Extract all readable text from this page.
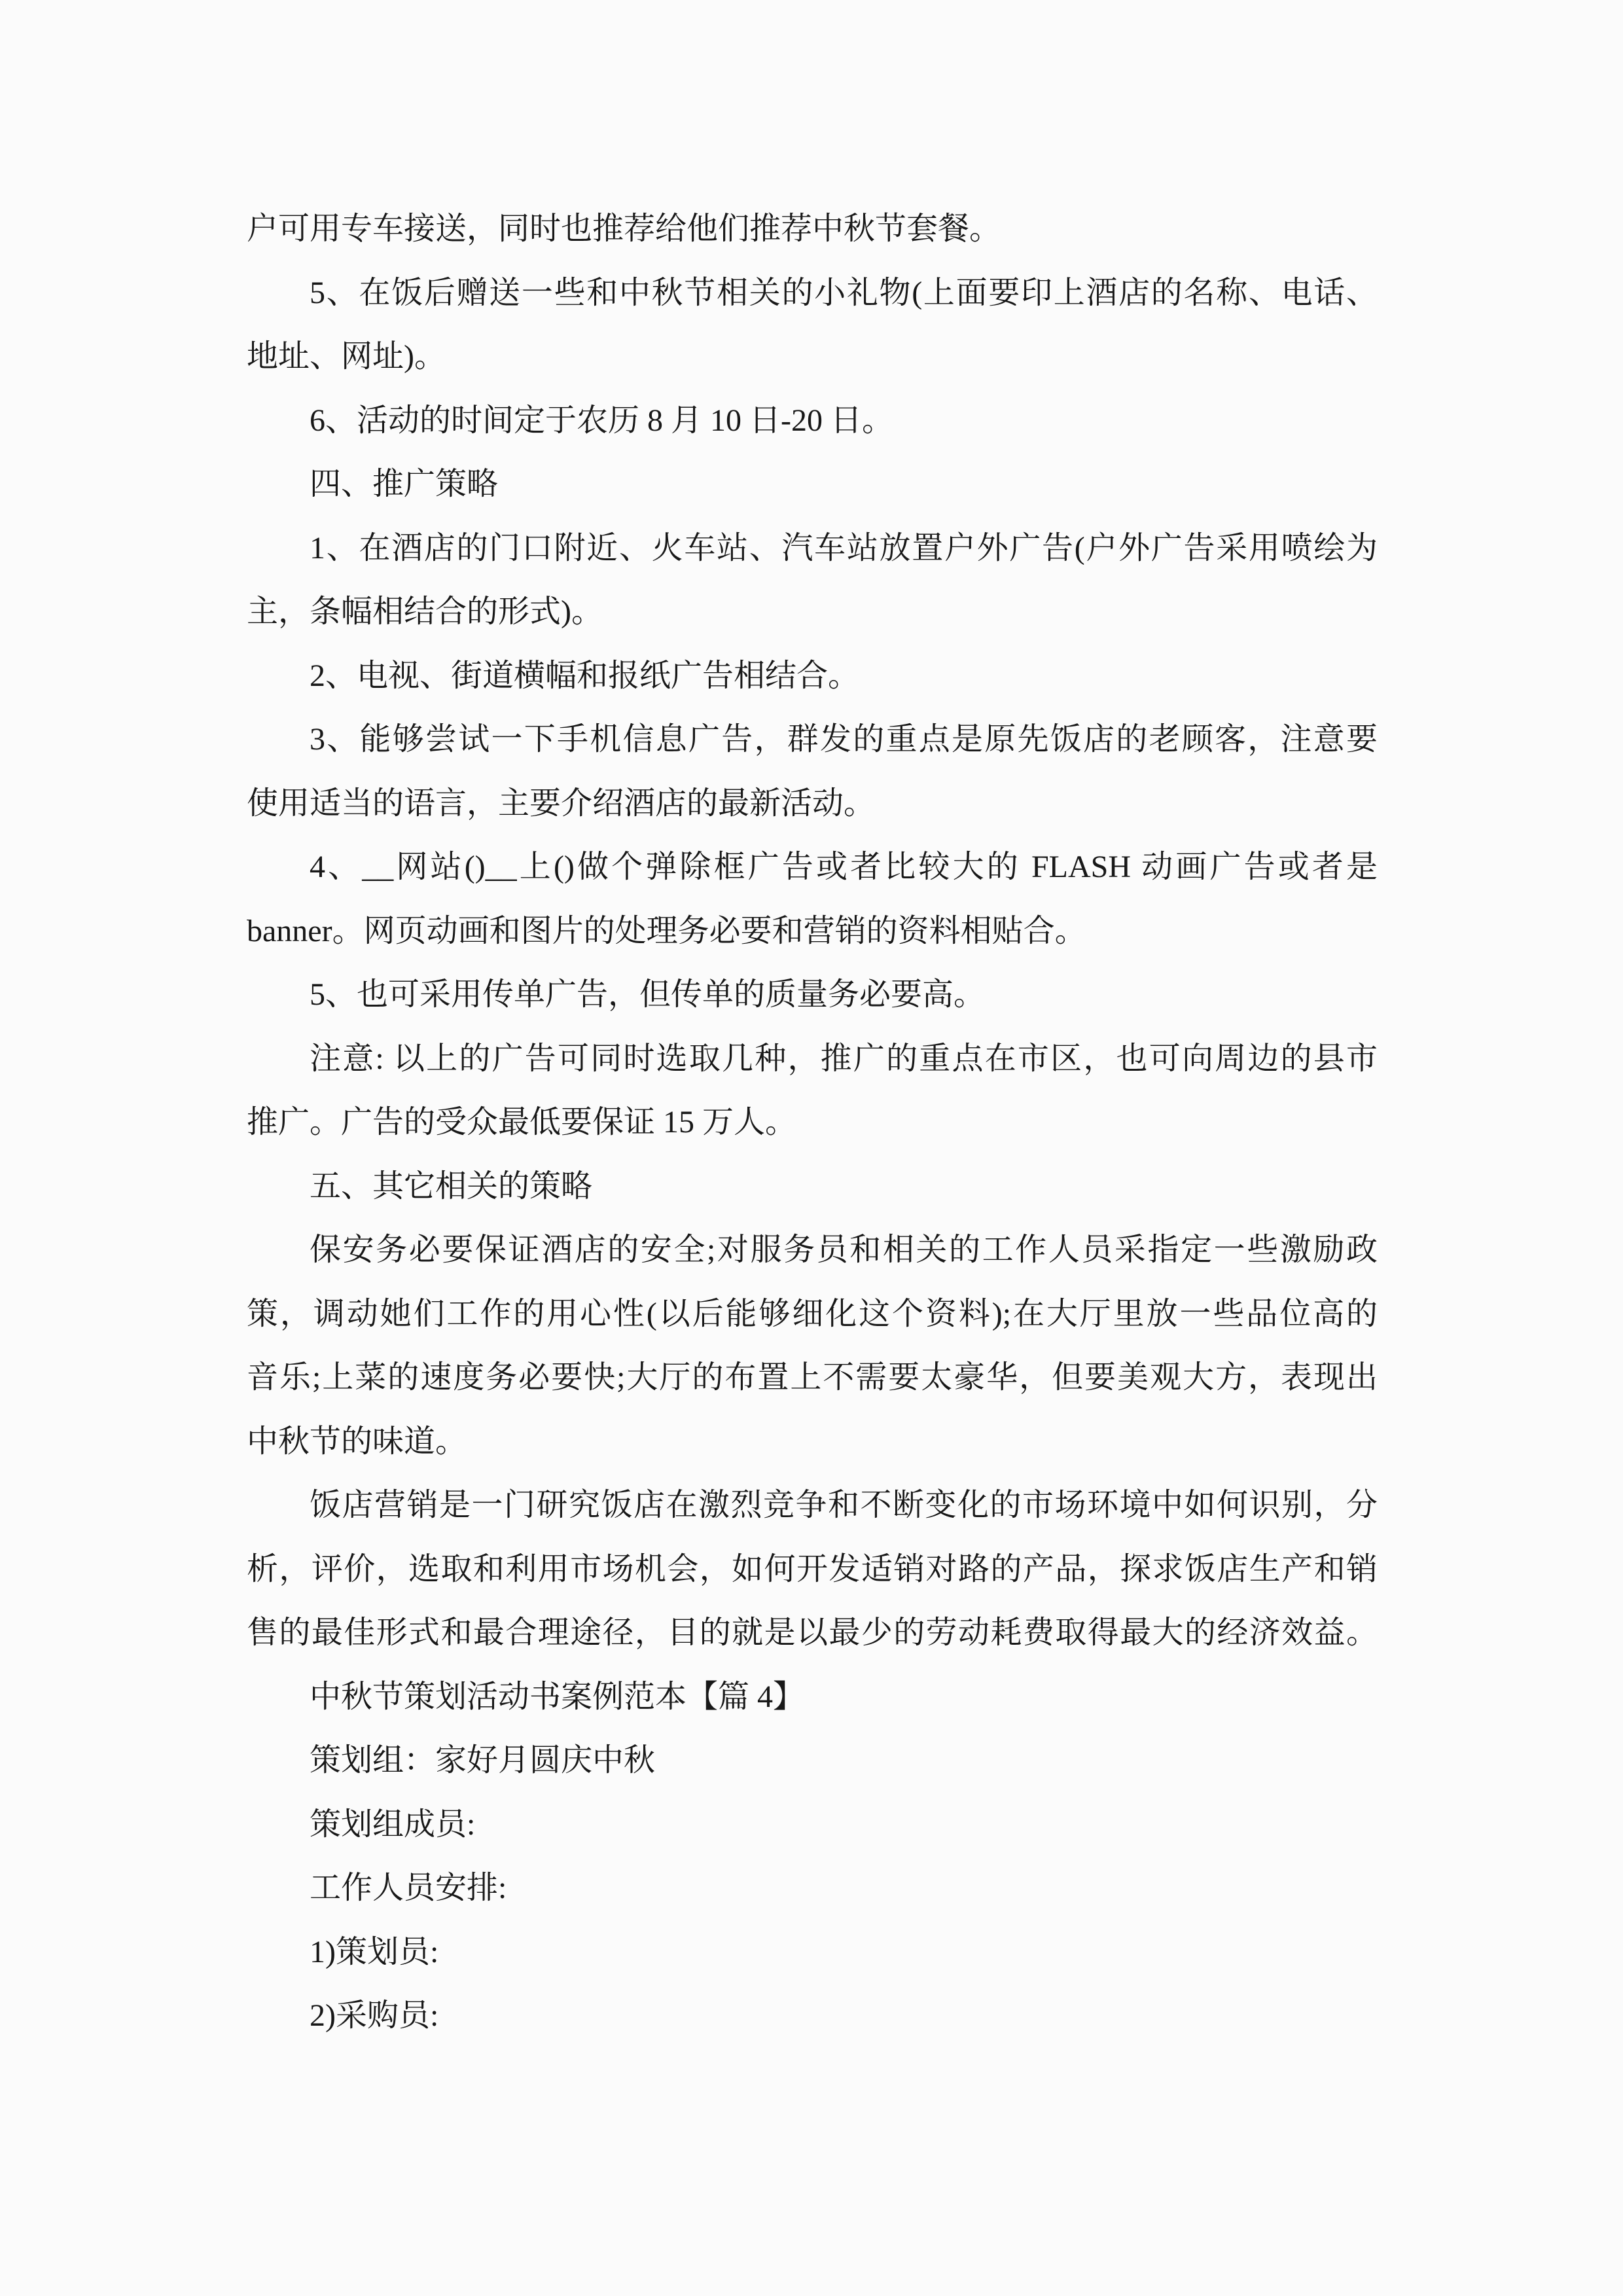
户可用专车接送，同时也推荐给他们推荐中秋节套餐。
5、在饭后赠送一些和中秋节相关的小礼物(上面要印上酒店的名称、电话、
地址、网址)。
6、活动的时间定于农历 8 月 10 日-20 日。
四、推广策略
1、在酒店的门口附近、火车站、汽车站放置户外广告(户外广告采用喷绘为
主，条幅相结合的形式)。
2、电视、街道横幅和报纸广告相结合。
3、能够尝试一下手机信息广告，群发的重点是原先饭店的老顾客，注意要
使用适当的语言，主要介绍酒店的最新活动。
4、__网站()__上()做个弹除框广告或者比较大的 FLASH 动画广告或者是
banner。网页动画和图片的处理务必要和营销的资料相贴合。
5、也可采用传单广告，但传单的质量务必要高。
注意: 以上的广告可同时选取几种，推广的重点在市区，也可向周边的县市
推广。广告的受众最低要保证 15 万人。
五、其它相关的策略
保安务必要保证酒店的安全;对服务员和相关的工作人员采指定一些激励政
策，调动她们工作的用心性(以后能够细化这个资料);在大厅里放一些品位高的
音乐;上菜的速度务必要快;大厅的布置上不需要太豪华，但要美观大方，表现出
中秋节的味道。
饭店营销是一门研究饭店在激烈竞争和不断变化的市场环境中如何识别，分
析，评价，选取和利用市场机会，如何开发适销对路的产品，探求饭店生产和销
售的最佳形式和最合理途径，目的就是以最少的劳动耗费取得最大的经济效益。
中秋节策划活动书案例范本【篇 4】
策划组：家好月圆庆中秋
策划组成员:
工作人员安排:
1)策划员:
2)采购员:
